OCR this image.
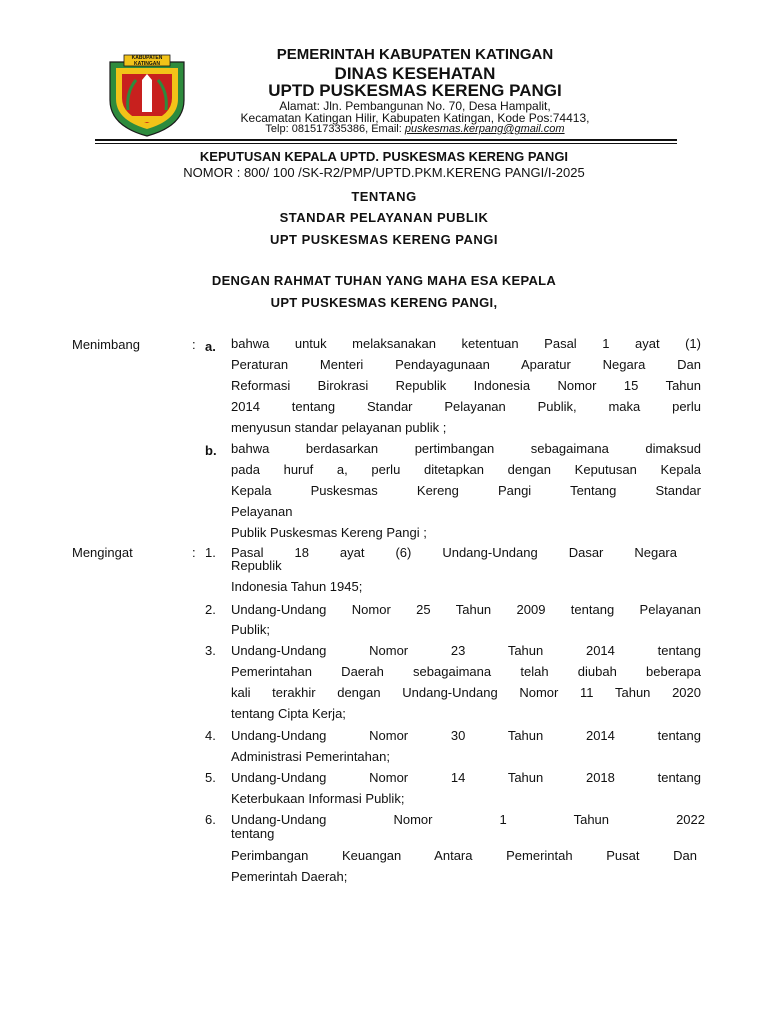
KABUPATEN KATINGAN
PEMERINTAH KABUPATEN KATINGAN
DINAS KESEHATAN
UPTD PUSKESMAS KERENG PANGI
Alamat: Jln. Pembangunan No. 70, Desa Hampalit,
Kecamatan Katingan Hilir, Kabupaten Katingan, Kode Pos:74413,
Telp: 081517335386, Email: puskesmas.kerpang@gmail.com
KEPUTUSAN KEPALA UPTD. PUSKESMAS KERENG PANGI
NOMOR : 800/ 100 /SK-R2/PMP/UPTD.PKM.KERENG PANGI/I-2025
TENTANG
STANDAR PELAYANAN PUBLIK
UPT PUSKESMAS KERENG PANGI
DENGAN RAHMAT TUHAN YANG MAHA ESA KEPALA
UPT PUSKESMAS KERENG PANGI,
Menimbang	: a. bahwa untuk melaksanakan ketentuan Pasal 1 ayat (1)
Peraturan Menteri Pendayagunaan Aparatur Negara Dan
Reformasi Birokrasi Republik Indonesia Nomor 15 Tahun
2014 tentang Standar Pelayanan Publik, maka perlu
menyusun standar pelayanan publik ;
b. bahwa berdasarkan pertimbangan sebagaimana dimaksud
pada huruf a, perlu ditetapkan dengan Keputusan Kepala
Kepala Puskesmas Kereng Pangi Tentang Standar
Pelayanan
Publik Puskesmas Kereng Pangi ;
Mengingat	: 1. Pasal 18 ayat (6) Undang-Undang Dasar Negara
Republik
Indonesia Tahun 1945;
2. Undang-Undang Nomor 25 Tahun 2009 tentang Pelayanan
Publik;
3. Undang-Undang Nomor 23 Tahun 2014 tentang
Pemerintahan Daerah sebagaimana telah diubah beberapa
kali terakhir dengan Undang-Undang Nomor 11 Tahun 2020
tentang Cipta Kerja;
4. Undang-Undang Nomor 30 Tahun 2014 tentang
Administrasi Pemerintahan;
5. Undang-Undang Nomor 14 Tahun 2018 tentang
Keterbukaan Informasi Publik;
6. Undang-Undang Nomor 1 Tahun 2022
tentang
Perimbangan Keuangan Antara Pemerintah Pusat Dan
Pemerintah Daerah;
